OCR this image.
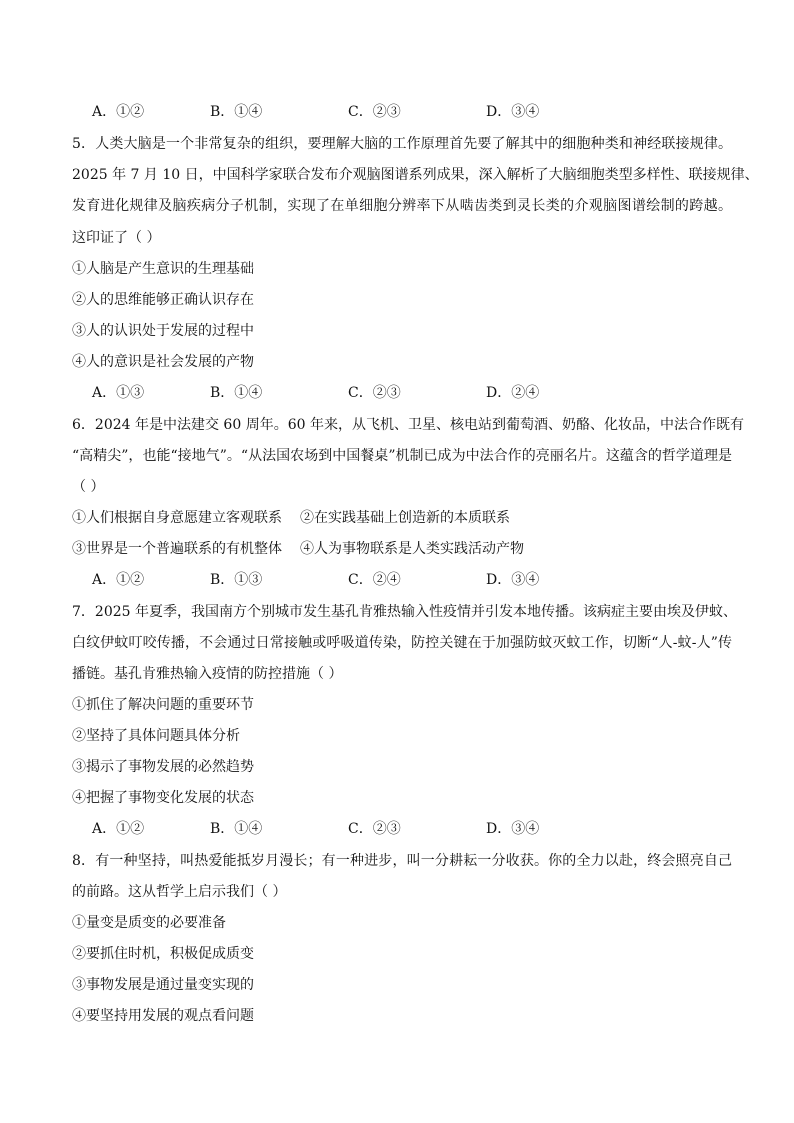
A．①②	B．①④	C．②③	D．③④
5．人类大脑是一个非常复杂的组织，要理解大脑的工作原理首先要了解其中的细胞种类和神经联接规律。
2025 年 7 月 10 日，中国科学家联合发布介观脑图谱系列成果，深入解析了大脑细胞类型多样性、联接规律、
发育进化规律及脑疾病分子机制，实现了在单细胞分辨率下从啮齿类到灵长类的介观脑图谱绘制的跨越。
这印证了（ ）
①人脑是产生意识的生理基础
②人的思维能够正确认识存在
③人的认识处于发展的过程中
④人的意识是社会发展的产物
A．①③	B．①④	C．②③	D．②④
6．2024 年是中法建交 60 周年。60 年来，从飞机、卫星、核电站到葡萄酒、奶酪、化妆品，中法合作既有
“高精尖”，也能“接地气”。“从法国农场到中国餐桌”机制已成为中法合作的亮丽名片。这蕴含的哲学道理是
（ ）
①人们根据自身意愿建立客观联系 ②在实践基础上创造新的本质联系
③世界是一个普遍联系的有机整体 ④人为事物联系是人类实践活动产物
A．①②	B．①③	C．②④	D．③④
7．2025 年夏季，我国南方个别城市发生基孔肯雅热输入性疫情并引发本地传播。该病症主要由埃及伊蚊、
白纹伊蚊叮咬传播，不会通过日常接触或呼吸道传染，防控关键在于加强防蚊灭蚊工作，切断“人-蚊-人”传
播链。基孔肯雅热输入疫情的防控措施（ ）
①抓住了解决问题的重要环节
②坚持了具体问题具体分析
③揭示了事物发展的必然趋势
④把握了事物变化发展的状态
A．①②	B．①④	C．②③	D．③④
8．有一种坚持，叫热爱能抵岁月漫长；有一种进步，叫一分耕耘一分收获。你的全力以赴，终会照亮自己
的前路。这从哲学上启示我们（ ）
①量变是质变的必要准备
②要抓住时机，积极促成质变
③事物发展是通过量变实现的
④要坚持用发展的观点看问题
